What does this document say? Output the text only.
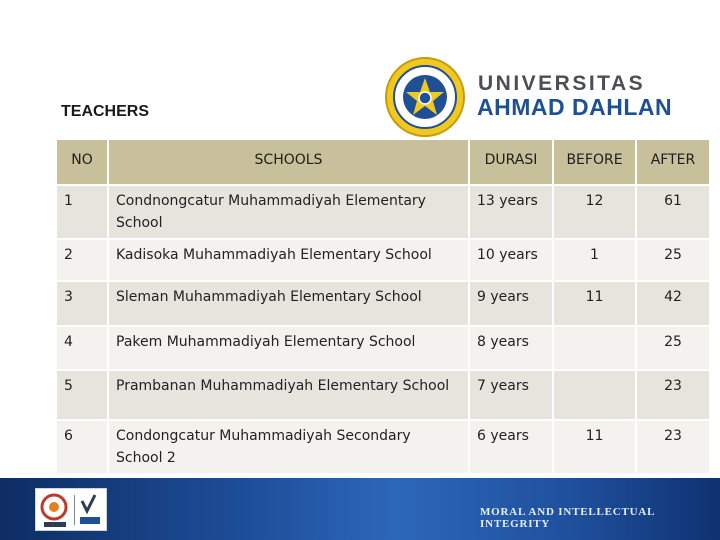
TEACHERS
UNIVERSITAS
AHMAD DAHLAN
NO	SCHOOLS	DURASI	BEFORE	AFTER
1	Condnongcatur Muhammadiyah Elementary School	13 years	12	61
2	Kadisoka Muhammadiyah Elementary School	10 years	1	25
3	Sleman Muhammadiyah Elementary School	9 years	11	42
4	Pakem Muhammadiyah Elementary School	8 years		25
5	Prambanan Muhammadiyah Elementary School	7 years		23
6	Condongcatur Muhammadiyah Secondary School 2	6 years	11	23
MORAL AND INTELLECTUAL INTEGRITY
